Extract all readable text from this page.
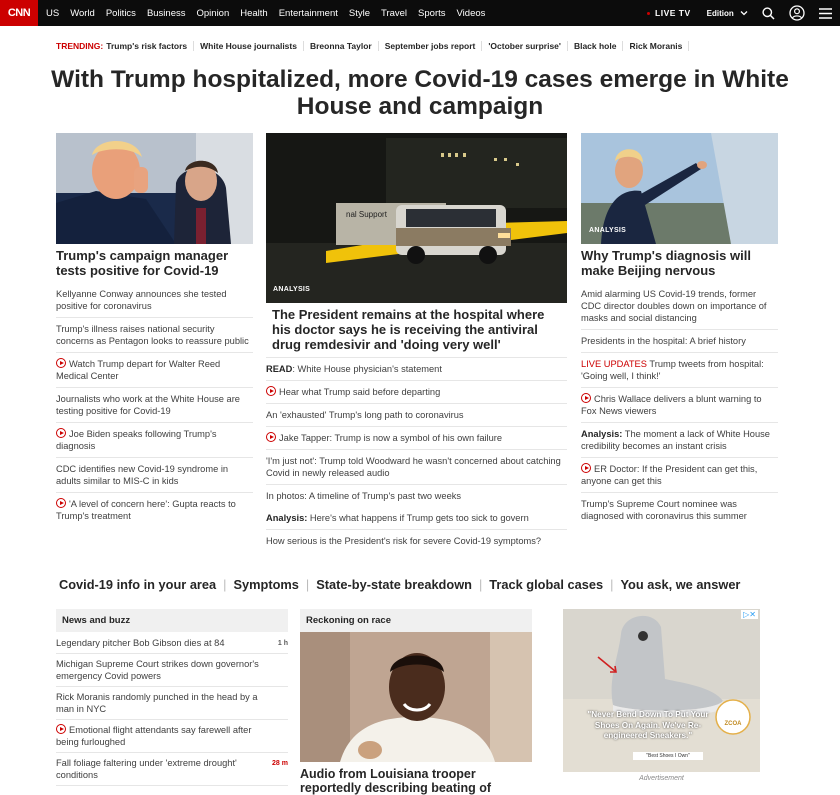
CNN	US World Politics Business Opinion Health Entertainment Style Travel Sports Videos	LIVE TV Edition
TRENDING: Trump's risk factors	White House journalists	Breonna Taylor	September jobs report	'October surprise'	Black hole	Rick Moranis
With Trump hospitalized, more Covid-19 cases emerge in White House and campaign
Trump's campaign manager tests positive for Covid-19
Kellyanne Conway announces she tested positive for coronavirus
Trump's illness raises national security concerns as Pentagon looks to reassure public
Watch Trump depart for Walter Reed Medical Center
Journalists who work at the White House are testing positive for Covid-19
Joe Biden speaks following Trump's diagnosis
CDC identifies new Covid-19 syndrome in adults similar to MIS-C in kids
'A level of concern here': Gupta reacts to Trump's treatment
nal Support
ANALYSIS
The President remains at the hospital where his doctor says he is receiving the antiviral drug remdesivir and 'doing very well'
READ: White House physician's statement
Hear what Trump said before departing
An 'exhausted' Trump's long path to coronavirus
Jake Tapper: Trump is now a symbol of his own failure
'I'm just not': Trump told Woodward he wasn't concerned about catching Covid in newly released audio
In photos: A timeline of Trump's past two weeks
Analysis: Here's what happens if Trump gets too sick to govern
How serious is the President's risk for severe Covid-19 symptoms?
ANALYSIS
Why Trump's diagnosis will make Beijing nervous
Amid alarming US Covid-19 trends, former CDC director doubles down on importance of masks and social distancing
Presidents in the hospital: A brief history
LIVE UPDATES Trump tweets from hospital: 'Going well, I think!'
Chris Wallace delivers a blunt warning to Fox News viewers
Analysis: The moment a lack of White House credibility becomes an instant crisis
ER Doctor: If the President can get this, anyone can get this
Trump's Supreme Court nominee was diagnosed with coronavirus this summer
Covid-19 info in your area | Symptoms | State-by-state breakdown | Track global cases | You ask, we answer
News and buzz
Legendary pitcher Bob Gibson dies at 84	1 h
Michigan Supreme Court strikes down governor's emergency Covid powers
Rick Moranis randomly punched in the head by a man in NYC
Emotional flight attendants say farewell after being furloughed
Fall foliage faltering under 'extreme drought' conditions
28 m
Reckoning on race
Audio from Louisiana trooper reportedly describing beating of
▷✕
"Never Bend Down To Put Your Shoes On Again. We've Re-engineered Sneakers."
ZCOA
"Best Shoes I Own"
Advertisement
